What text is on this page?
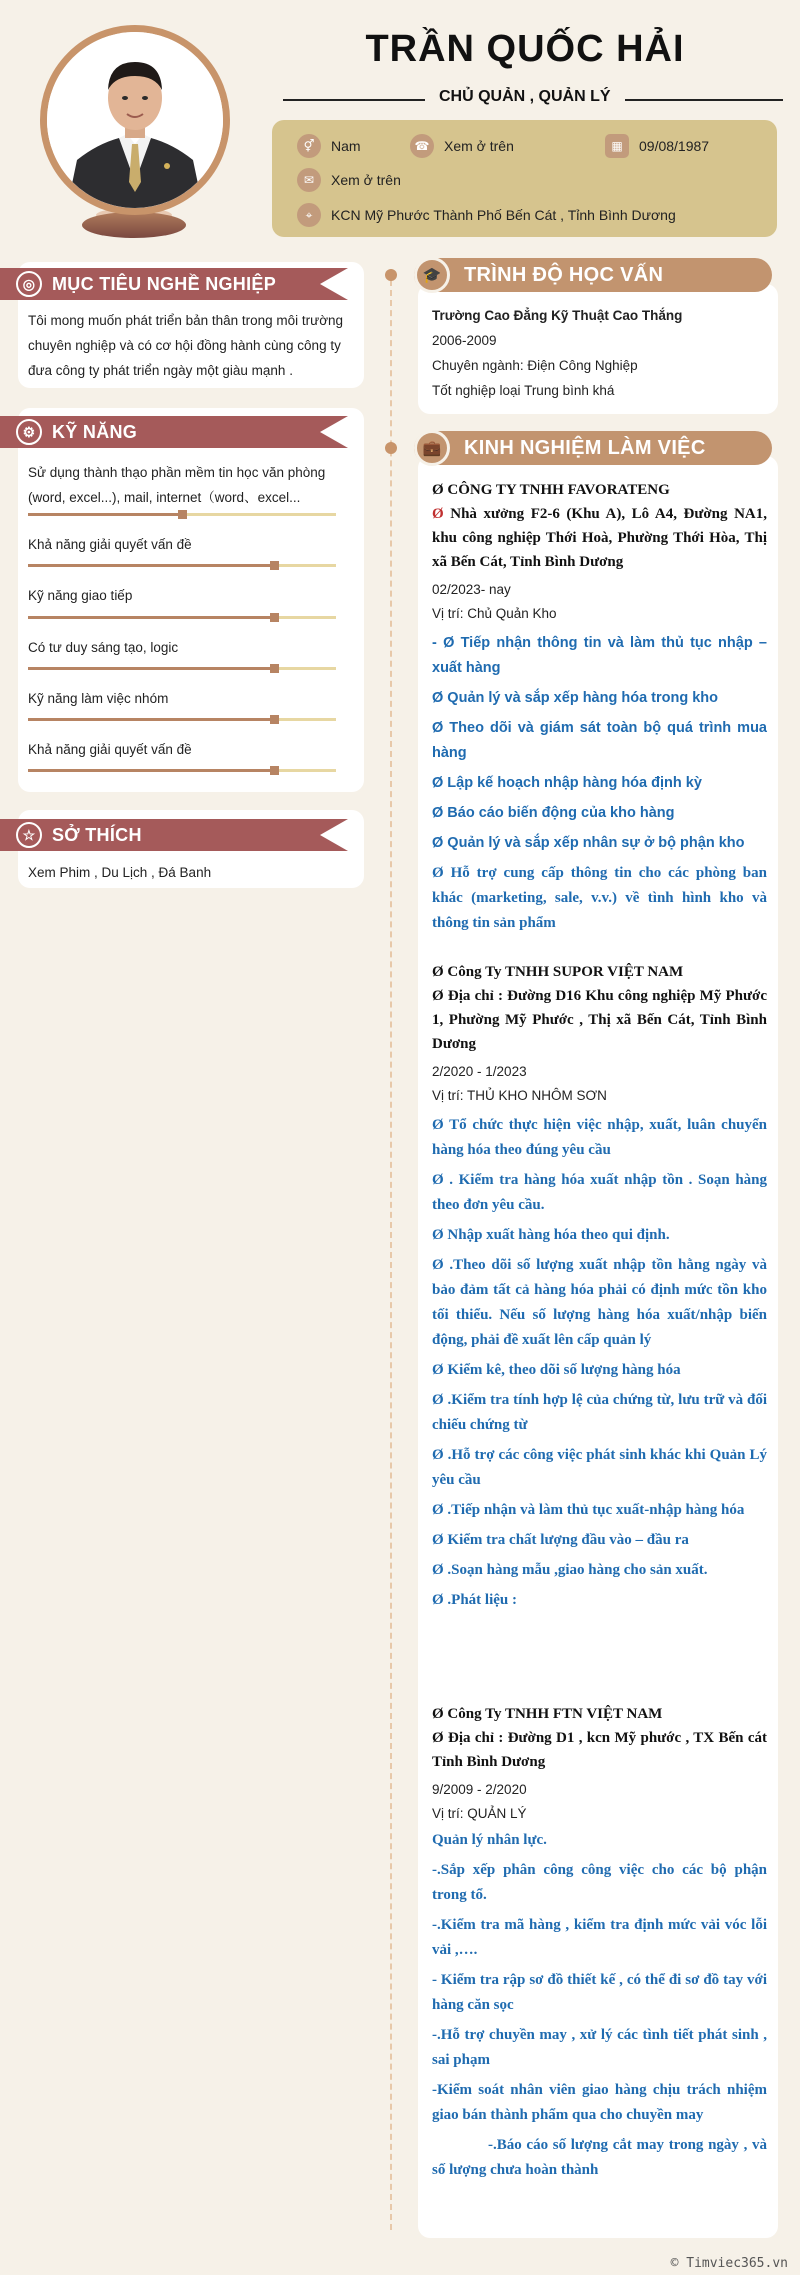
TRẦN QUỐC HẢI
CHỦ QUẢN , QUẢN LÝ
⚥	Nam	☎	Xem ở trên	▦	09/08/1987
✉	Xem ở trên
⌖	KCN Mỹ Phước Thành Phố Bến Cát , Tỉnh Bình Dương
◎ MỤC TIÊU NGHỀ NGHIỆP
Tôi mong muốn phát triển bản thân trong môi trường chuyên nghiệp và có cơ hội đồng hành cùng công ty đưa công ty phát triển ngày một giàu mạnh .
⚙ KỸ NĂNG
Sử dụng thành thạo phần mềm tin học văn phòng (word, excel...), mail, internet（word、excel...
Khả năng giải quyết vấn đề
Kỹ năng giao tiếp
Có tư duy sáng tạo, logic
Kỹ năng làm việc nhóm
Khả năng giải quyết vấn đề
☆ SỞ THÍCH
Xem Phim , Du Lịch , Đá Banh
🎓	TRÌNH ĐỘ HỌC VẤN
Trường Cao Đẳng Kỹ Thuật Cao Thắng
2006-2009
Chuyên ngành: Điện Công Nghiệp
Tốt nghiệp loại Trung bình khá
💼	KINH NGHIỆM LÀM VIỆC
Ø CÔNG TY TNHH FAVORATENG
Ø Nhà xưởng F2-6 (Khu A), Lô A4, Đường NA1, khu công nghiệp Thới Hoà, Phường Thới Hòa, Thị xã Bến Cát, Tỉnh Bình Dương
02/2023- nay
Vị trí: Chủ Quản Kho
- Ø Tiếp nhận thông tin và làm thủ tục nhập – xuất hàng
Ø Quản lý và sắp xếp hàng hóa trong kho
Ø Theo dõi và giám sát toàn bộ quá trình mua hàng
Ø Lập kế hoạch nhập hàng hóa định kỳ
Ø Báo cáo biến động của kho hàng
Ø Quản lý và sắp xếp nhân sự ở bộ phận kho
Ø Hỗ trợ cung cấp thông tin cho các phòng ban khác (marketing, sale, v.v.) về tình hình kho và thông tin sản phẩm
Ø Công Ty TNHH SUPOR VIỆT NAM
Ø Địa chỉ : Đường D16 Khu công nghiệp Mỹ Phước 1, Phường Mỹ Phước , Thị xã Bến Cát, Tỉnh Bình Dương
2/2020 - 1/2023
Vị trí: THỦ KHO NHÔM SƠN
Ø Tổ chức thực hiện việc nhập, xuất, luân chuyển hàng hóa theo đúng yêu cầu
Ø . Kiểm tra hàng hóa xuất nhập tồn . Soạn hàng theo đơn yêu cầu.
Ø Nhập xuất hàng hóa theo qui định.
Ø .Theo dõi số lượng xuất nhập tồn hằng ngày và bảo đảm tất cả hàng hóa phải có định mức tồn kho tối thiểu. Nếu số lượng hàng hóa xuất/nhập biến động, phải đề xuất lên cấp quản lý
Ø Kiểm kê, theo dõi số lượng hàng hóa
Ø .Kiểm tra tính hợp lệ của chứng từ, lưu trữ và đối chiếu chứng từ
Ø .Hỗ trợ các công việc phát sinh khác khi Quản Lý yêu cầu
Ø .Tiếp nhận và làm thủ tục xuất-nhập hàng hóa
Ø Kiểm tra chất lượng đầu vào – đầu ra
Ø .Soạn hàng mẫu ,giao hàng cho sản xuất.
Ø .Phát liệu :
Ø Công Ty TNHH FTN VIỆT NAM
Ø Địa chỉ : Đường D1 , kcn Mỹ phước , TX Bến cát Tỉnh Bình Dương
9/2009 - 2/2020
Vị trí: QUẢN LÝ
Quản lý nhân lực.
-.Sắp xếp phân công công việc cho các bộ phận trong tổ.
-.Kiểm tra mã hàng , kiểm tra định mức vải vóc lỗi vải ,….
- Kiểm tra rập sơ đồ thiết kế , có thể đi sơ đồ tay với hàng căn sọc
-.Hỗ trợ chuyền may , xử lý các tình tiết phát sinh , sai phạm
-Kiểm soát nhân viên giao hàng chịu trách nhiệm giao bán thành phẩm qua cho chuyền may
-.Báo cáo số lượng cắt may trong ngày , và số lượng chưa hoàn thành
© Timviec365.vn
